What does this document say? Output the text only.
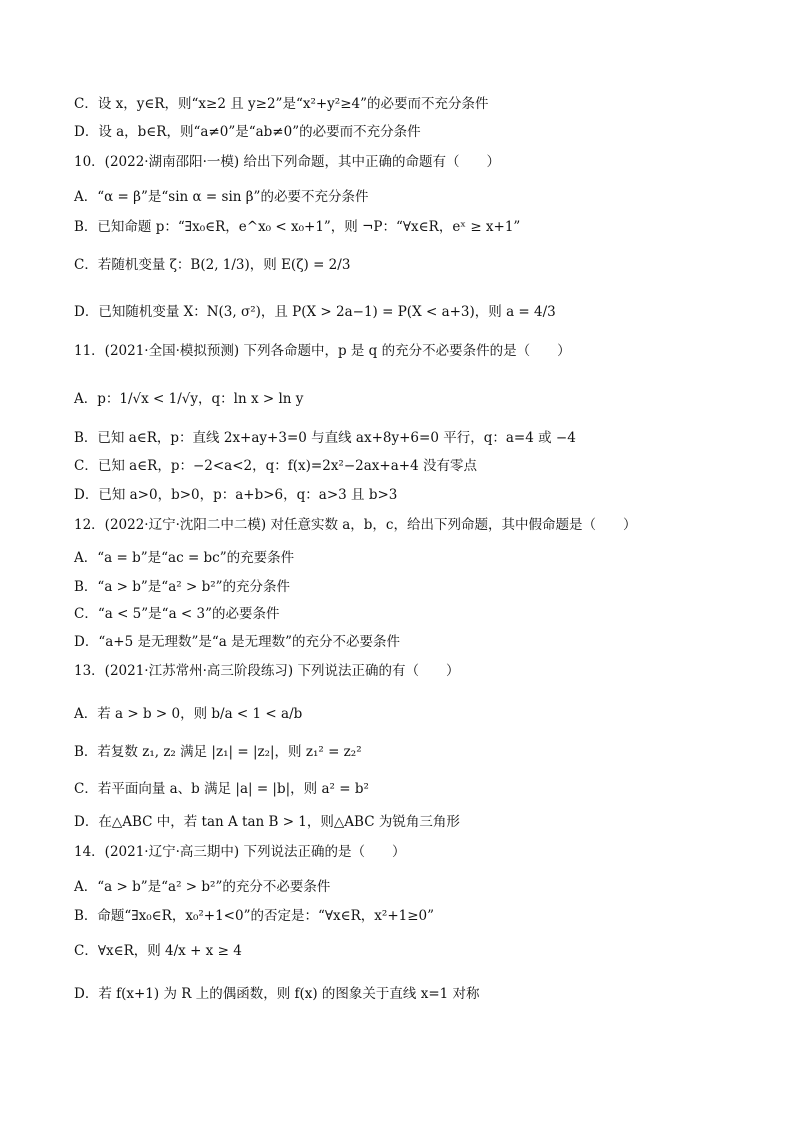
C．设 x，y∈R，则“x≥2 且 y≥2”是“x²+y²≥4”的必要而不充分条件
D．设 a，b∈R，则“a≠0”是“ab≠0”的必要而不充分条件
10．(2022·湖南邵阳·一模) 给出下列命题，其中正确的命题有（　　）
A．“α = β”是“sin α = sin β”的必要不充分条件
B．已知命题 p：“∃x₀∈R，e^x₀ < x₀+1”，则 ¬P：“∀x∈R，eˣ ≥ x+1”
C．若随机变量 ζ：B(2, 1/3)，则 E(ζ) = 2/3
D．已知随机变量 X：N(3, σ²)，且 P(X > 2a−1) = P(X < a+3)，则 a = 4/3
11．(2021·全国·模拟预测) 下列各命题中，p 是 q 的充分不必要条件的是（　　）
A．p：1/√x < 1/√y，q：ln x > ln y
B．已知 a∈R，p：直线 2x+ay+3=0 与直线 ax+8y+6=0 平行，q：a=4 或 −4
C．已知 a∈R，p：−2<a<2，q：f(x)=2x²−2ax+a+4 没有零点
D．已知 a>0，b>0，p：a+b>6，q：a>3 且 b>3
12．(2022·辽宁·沈阳二中二模) 对任意实数 a，b，c，给出下列命题，其中假命题是（　　）
A．“a = b”是“ac = bc”的充要条件
B．“a > b”是“a² > b²”的充分条件
C．“a < 5”是“a < 3”的必要条件
D．“a+5 是无理数”是“a 是无理数”的充分不必要条件
13．(2021·江苏常州·高三阶段练习) 下列说法正确的有（　　）
A．若 a > b > 0，则 b/a < 1 < a/b
B．若复数 z₁, z₂ 满足 |z₁| = |z₂|，则 z₁² = z₂²
C．若平面向量 a、b 满足 |a| = |b|，则 a² = b²
D．在△ABC 中，若 tan A tan B > 1，则△ABC 为锐角三角形
14．(2021·辽宁·高三期中) 下列说法正确的是（　　）
A．“a > b”是“a² > b²”的充分不必要条件
B．命题“∃x₀∈R，x₀²+1<0”的否定是：“∀x∈R，x²+1≥0”
C．∀x∈R，则 4/x + x ≥ 4
D．若 f(x+1) 为 R 上的偶函数，则 f(x) 的图象关于直线 x=1 对称
